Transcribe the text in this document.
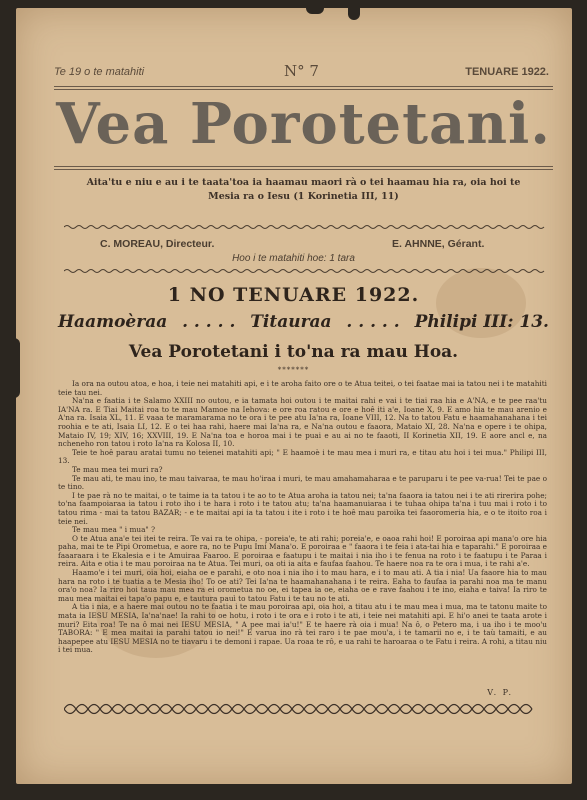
Te 19 o te matahiti	N° 7	TENUARE 1922.
Vea Porotetani.
Aita'tu e niu e au i te taata'toa ia haamau maori rà o tei haamau hia ra, oia hoi te
Mesia ra o Iesu (1 Korinetia III, 11)
C. MOREAU, Directeur.	E. AHNNE, Gérant.
Hoo i te matahiti hoe: 1 tara
1 NO TENUARE 1922.
Haamoèraa . . . . . Titauraa . . . . . Philipi III: 13.
Vea Porotetani i to'na ra mau Hoa.
*******

Ia ora na outou atoa, e hoa, i teie nei matahiti api, e i te aroha faito ore o te Atua teitei, o tei faatae mai ia tatou nei i te matahiti teie tau nei.

Na'na e faatia i te Salamo XXIII no outou, e ia tamata hoi outou i te maitai rahi e vai i te tiai raa hia e A'NA, e te pee raa'tu IA'NA ra. E Tiai Maitai roa to te mau Mamoe na Iehova: e ore roa ratou e ore e hoê iti a'e, Ioane X, 9. E amo hia te mau arenio e A'na ra. Isaia XL, 11. E vaaa te maramarama no te ora i te pee atu Ia'na ra, Ioane VIII, 12. Na to tatou Fatu e haamahanahana i tei roohia e te ati, Isaia LI, 12. E o tei haa rahi, haere mai Ia'na ra, e Na'na outou e faaora, Mataio XI, 28. Na'na e opere i te ohipa, Mataio IV, 19; XIV, 16; XXVIII, 19. E Na'na toa e horoa mai i te puai e au ai no te faaoti, II Korinetia XII, 19. E aore ancl e, na ncheneho ron tatou i roto Ia'na ra Kolosa II, 10.

Teie te hoê parau aratai tumu no teienei matahiti api; " E haamoè i te mau mea i muri ra, e titau atu hoi i tei mua." Philipi III, 13.

Te mau mea tei muri ra?

Te mau ati, te mau ino, te mau taivaraa, te mau ho'iraa i muri, te mau amahamaharaa e te paruparu i te pee va-rua! Tei te pae o te tino.

I te pae rà no te maitai, o te taime ia ta tatou i te ao to te Atua aroha ia tatou nei; ta'na faaora ia tatou nei i te ati rirerira pohe; to'na faampoiaraa ia tatou i roto iho i te hara i roto i te tatou atu; ta'na haamanuiaraa i te tuhaa ohipa ta'na i tuu mai i roto i to tatou rima - mai ta tatou BAZAR; - e te maitai api ia ta tatou i ite i roto i te hoê mau paroika tei faaoromeria hia, e o te itoito roa i teie nei.

Te mau mea " i mua" ?

O te Atua ana'e tei itei te reira. Te vai ra te ohipa, - poreia'e, te ati rahi; poreia'e, e oaoa rahi hoi! E poroiraa api mana'o ore hia paha, mai te te Pipi Orometua, e aore ra, no te Pupu Imi Mana'o. E poroiraa e " faaora i te feia i ata-tai hia e taparahi." E poroiraa e faaaraara i te Ekalesia e i te Amuiraa Faaroo. E poroiraa e faatupu i te maitai i nia iho i te fenua na roto i te faatupu i te Paraa i reira. Aita e otia i te mau poroiraa na te Atua. Tei muri, oa oti ia aita e faufaa faahou. Te haere noa ra te ora i mua, i te rahi a'e.

Haamo'e i tei muri, oia hoi, eiaha oe e parahi, e oto noa i nia iho i to mau hara, e i to mau ati. A tia i nia! Ua faaore hia to mau hara na roto i te tuatia a te Mesia iho! To oe ati? Tei Ia'na te haamahanahana i te reira. Eaha to faufaa ia parahi noa ma te manu ora'o noa? Ia riro hoi taua mau mea ra ei orometua no oe, ei tapea ia oe, eiaha oe e rave faahou i te ino, eiaha e taiva! Ia riro te mau mea maitai ei tapa'o papu e, e tautura pauì to tatou Fatu i te tau no te ati.

A tia i nia, e a haere mai outou no te faatia i te mau poroiraa api, oia hoi, a titau atu i te mau mea i mua, ma te tatonu maite to mata ia IESU MESIA, Ia'na'nae! Ia rahi to oe hotu, i roto i te ora e i roto i te ati, i teie nei matahiti api. E hi'o anei te taata arote i muri? Eita roa! Te na ô mai nei IESU MESIA, " A pee mai ia'u!" E te haere rà oia i mua! Na ô, o Petero ma, i ua iho i te moo'u TABORA: " E mea maitai ia parahi tatou io nei!" E varua ino rà tei raro i te pae mou'a, i te tamarii no e, i te taù tamaiti, e au haapepee atu IESU MESIA no te tiavaru i te demoni i rapae. Ua roaa te rô, e ua rahi te haroaraa o te Fatu i reira. A rohi, a titau niu i tei mua.

V. P.
